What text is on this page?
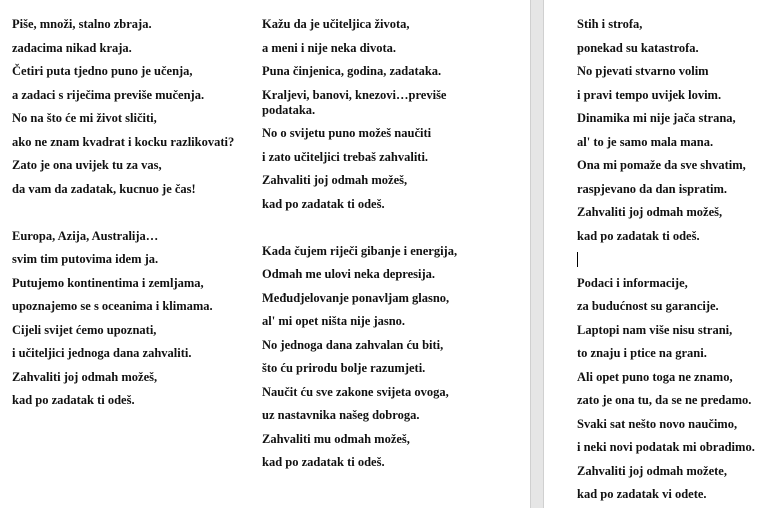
Piše, množi, stalno zbraja.
zadacima nikad kraja.
Četiri puta tjedno puno je učenja,
a zadaci s riječima previše mučenja.
No na što će mi život sličiti,
ako ne znam kvadrat i kocku razlikovati?
Zato je ona uvijek tu za vas,
da vam da zadatak, kucnuo je čas!
Europa, Azija, Australija…
svim tim putovima idem ja.
Putujemo kontinentima i zemljama,
upoznajemo se s oceanima i klimama.
Cijeli svijet ćemo upoznati,
i učiteljici jednoga dana zahvaliti.
Zahvaliti joj odmah možeš,
kad po zadatak ti odeš.
Kažu da je učiteljica života,
a meni i nije neka divota.
Puna činjenica, godina, zadataka.
Kraljevi, banovi, knezovi…previše podataka.
No o svijetu puno možeš naučiti
i zato učiteljici trebaš zahvaliti.
Zahvaliti joj odmah možeš,
kad po zadatak ti odeš.
Kada čujem riječi gibanje i energija,
Odmah me ulovi neka depresija.
Međudjelovanje ponavljam glasno,
al' mi opet ništa nije jasno.
No jednoga dana zahvalan ću biti,
što ću prirodu bolje razumjeti.
Naučit ću sve zakone svijeta ovoga,
uz nastavnika našeg dobroga.
Zahvaliti mu odmah možeš,
kad po zadatak ti odeš.
Stih i strofa,
ponekad su katastrofa.
No pjevati stvarno volim
i pravi tempo uvijek lovim.
Dinamika mi nije jača strana,
al' to je samo mala mana.
Ona mi pomaže da sve shvatim,
raspjevano da dan ispratim.
Zahvaliti joj odmah možeš,
kad po zadatak ti odeš.
Podaci i informacije,
za budućnost su garancije.
Laptopi nam više nisu strani,
to znaju i ptice na grani.
Ali opet puno toga ne znamo,
zato je ona tu, da se ne predamo.
Svaki sat nešto novo naučimo,
i neki novi podatak mi obradimo.
Zahvaliti joj odmah možete,
kad po zadatak vi odete.
